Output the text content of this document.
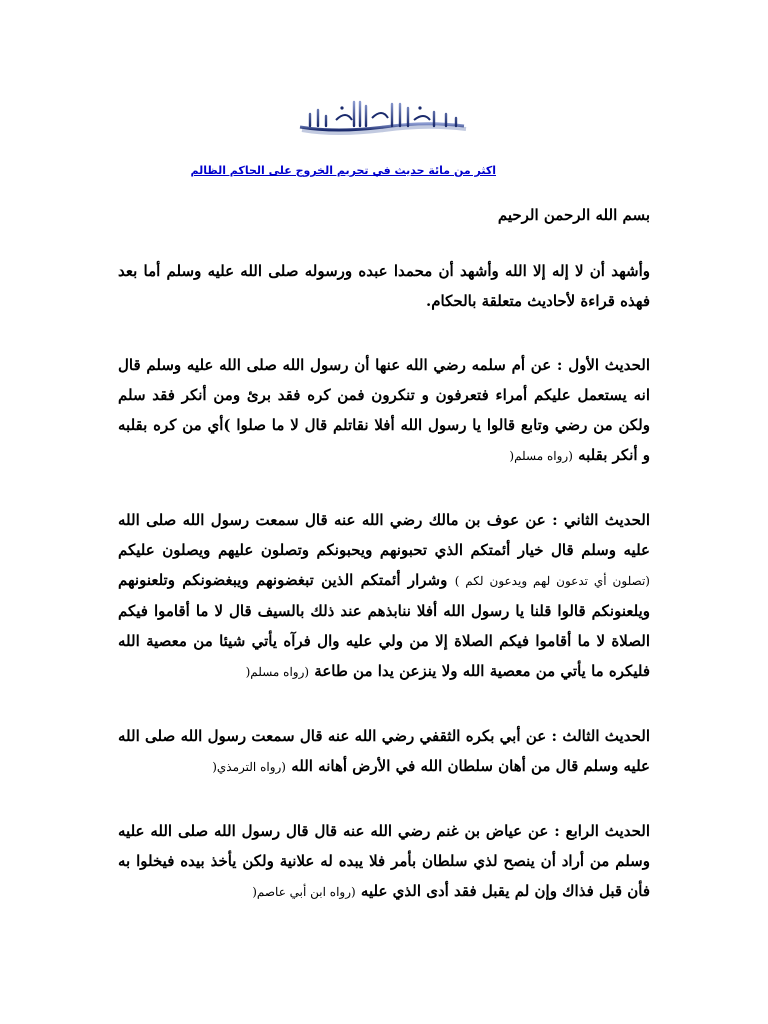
اكثر من مائة حديث في تحريم الخروج على الحاكم الظالم

بسم الله الرحمن الرحيم

وأشهد أن لا إله إلا الله وأشهد أن محمدا عبده ورسوله صلى الله عليه وسلم أما بعد فهذه قراءة لأحاديث متعلقة بالحكام.

الحديث الأول : عن أم سلمه رضي الله عنها أن رسول الله صلى الله عليه وسلم قال انه يستعمل عليكم أمراء فتعرفون و تنكرون فمن كره فقد برئ ومن أنكر فقد سلم ولكن من رضي وتابع قالوا يا رسول الله أفلا نقاتلم قال لا ما صلوا )أي من كره بقلبه و أنكر بقلبه (رواه مسلم(

الحديث الثاني : عن عوف بن مالك رضي الله عنه قال سمعت رسول الله صلى الله عليه وسلم قال خيار أئمتكم الذي تحبونهم ويحبونكم وتصلون عليهم ويصلون عليكم (تصلون أي تدعون لهم ويدعون لكم ) وشرار أئمتكم الذين تبغضونهم ويبغضونكم وتلعنونهم ويلعنونكم قالوا قلنا يا رسول الله أفلا ننابذهم عند ذلك بالسيف قال لا ما أقاموا فيكم الصلاة لا ما أقاموا فيكم الصلاة إلا من ولي عليه وال فرآه يأتي شيئا من معصية الله فليكره ما يأتي من معصية الله ولا ينزعن يدا من طاعة (رواه مسلم(

الحديث الثالث : عن أبي بكره الثقفي رضي الله عنه قال سمعت رسول الله صلى الله عليه وسلم قال من أهان سلطان الله في الأرض أهانه الله (رواه الترمذي(

الحديث الرابع : عن عياض بن غنم رضي الله عنه قال قال رسول الله صلى الله عليه وسلم من أراد أن ينصح لذي سلطان بأمر فلا يبده له علانية ولكن يأخذ بيده فيخلوا به فأن قبل فذاك وإن لم يقبل فقد أدى الذي عليه (رواه ابن أبي عاصم(
